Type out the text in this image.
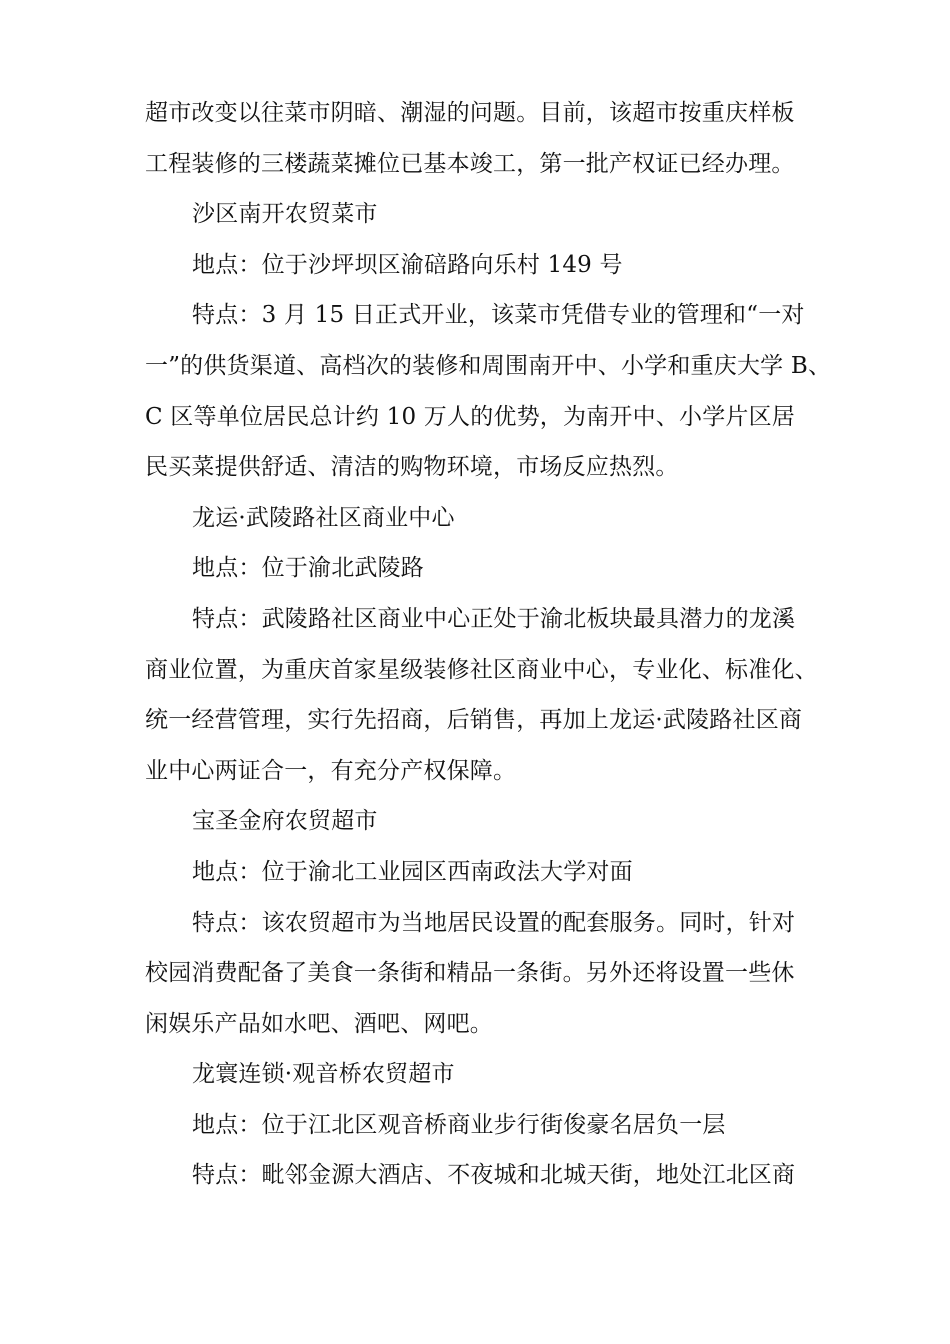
超市改变以往菜市阴暗、潮湿的问题。目前，该超市按重庆样板
工程装修的三楼蔬菜摊位已基本竣工，第一批产权证已经办理。
沙区南开农贸菜市
地点：位于沙坪坝区渝碚路向乐村 149 号
特点：3 月 15 日正式开业，该菜市凭借专业的管理和“一对
一”的供货渠道、高档次的装修和周围南开中、小学和重庆大学 B、
C 区等单位居民总计约 10 万人的优势，为南开中、小学片区居
民买菜提供舒适、清洁的购物环境，市场反应热烈。
龙运·武陵路社区商业中心
地点：位于渝北武陵路
特点：武陵路社区商业中心正处于渝北板块最具潜力的龙溪
商业位置，为重庆首家星级装修社区商业中心，专业化、标准化、
统一经营管理，实行先招商，后销售，再加上龙运·武陵路社区商
业中心两证合一，有充分产权保障。
宝圣金府农贸超市
地点：位于渝北工业园区西南政法大学对面
特点：该农贸超市为当地居民设置的配套服务。同时，针对
校园消费配备了美食一条街和精品一条街。另外还将设置一些休
闲娱乐产品如水吧、酒吧、网吧。
龙寰连锁·观音桥农贸超市
地点：位于江北区观音桥商业步行街俊豪名居负一层
特点：毗邻金源大酒店、不夜城和北城天街，地处江北区商
